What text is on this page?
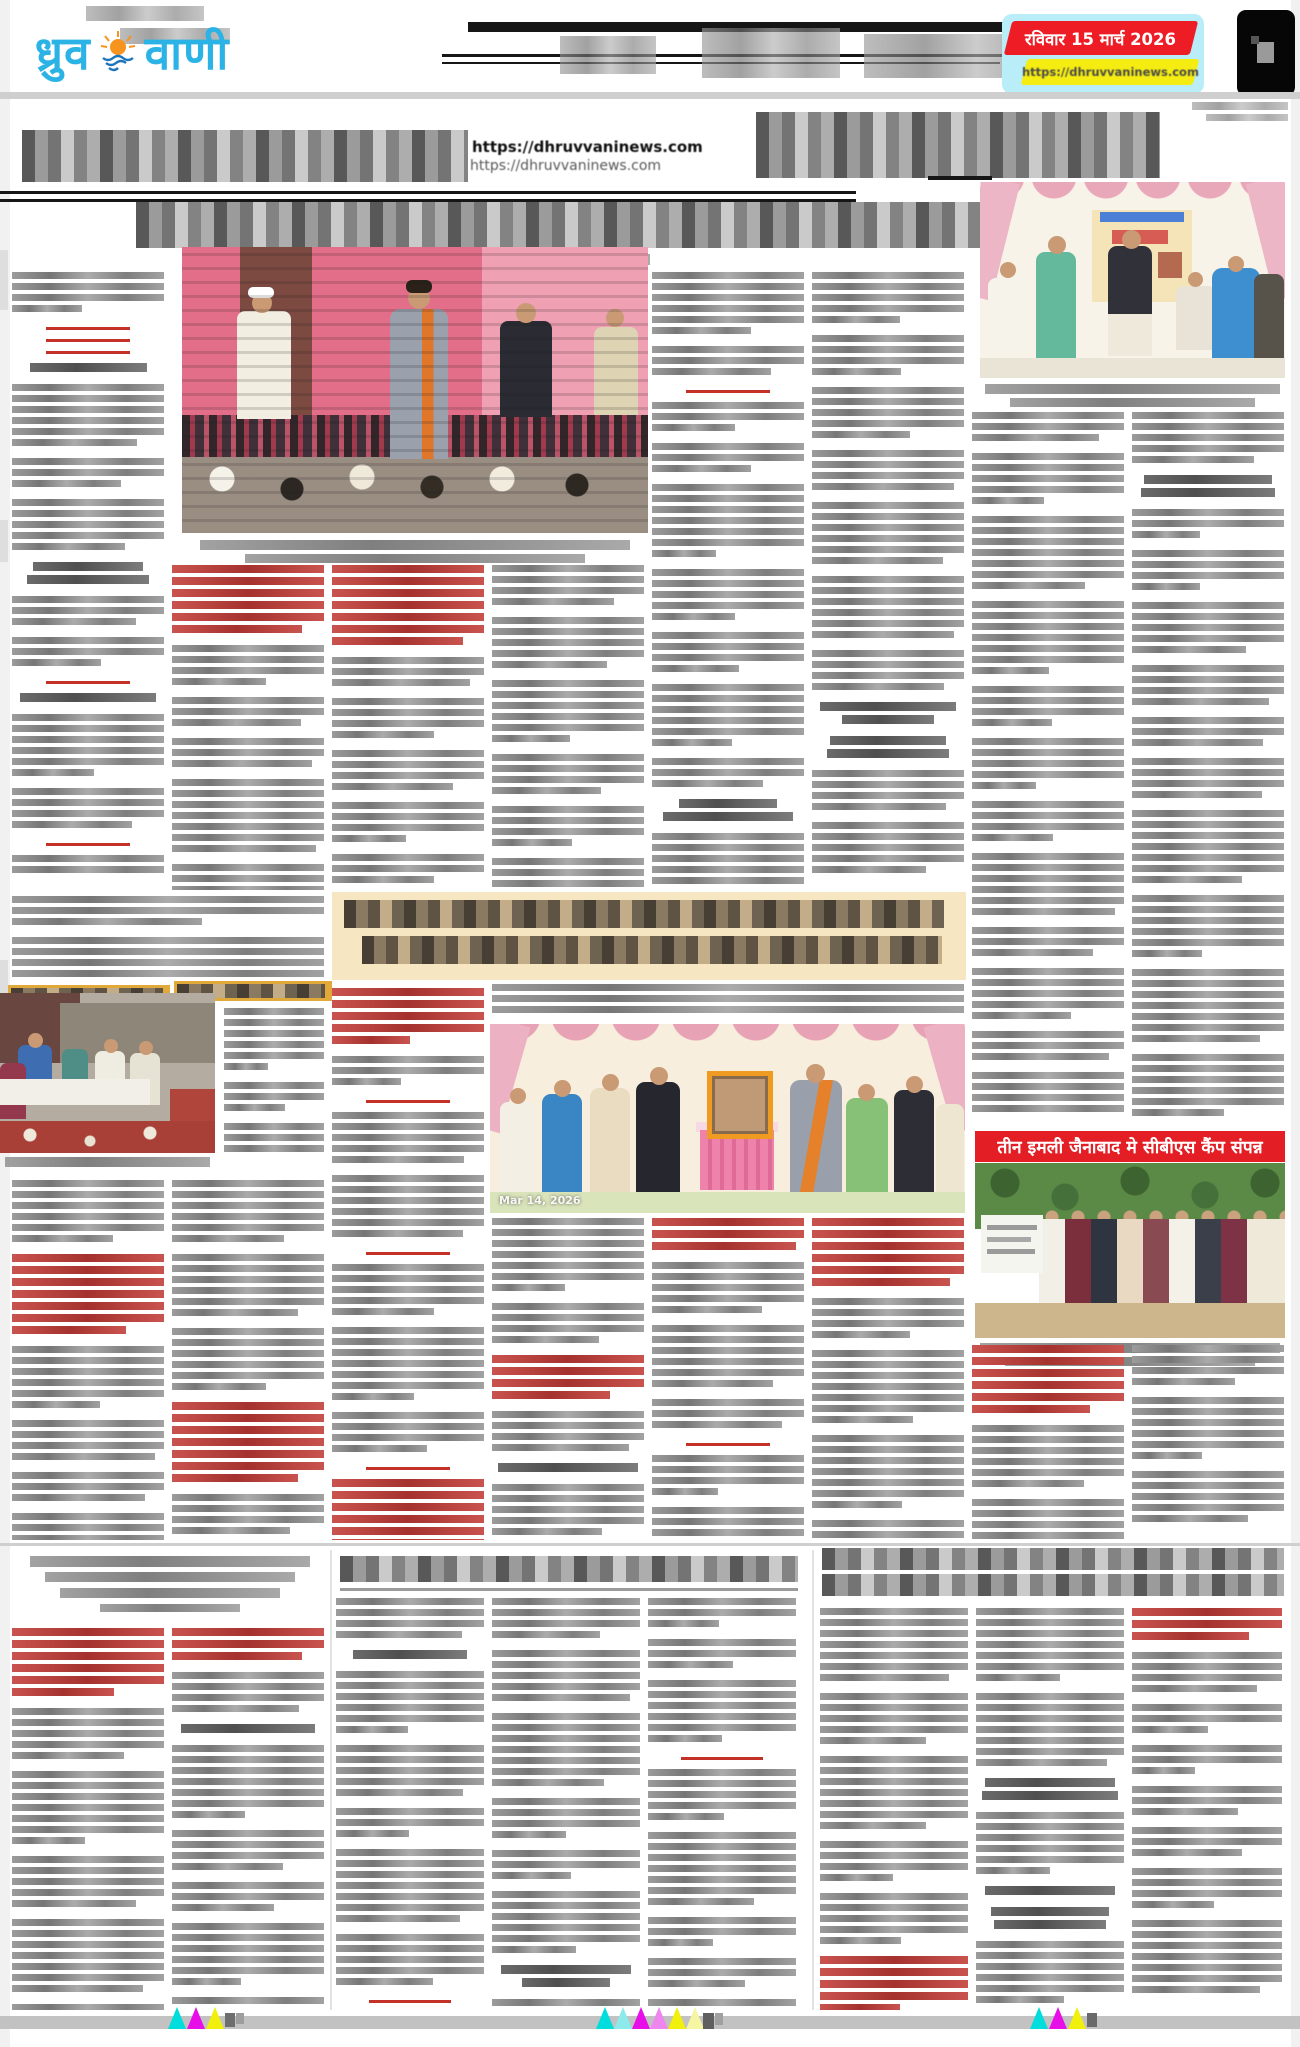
ध्रुव वाणी	रविवार 15 मार्च 2026
https://dhruvvaninews.com
https://dhruvvaninews.com
https://dhruvvaninews.com
Mar 14, 2026
तीन इमली जैनाबाद मे सीबीएस कैंप संपन्न
